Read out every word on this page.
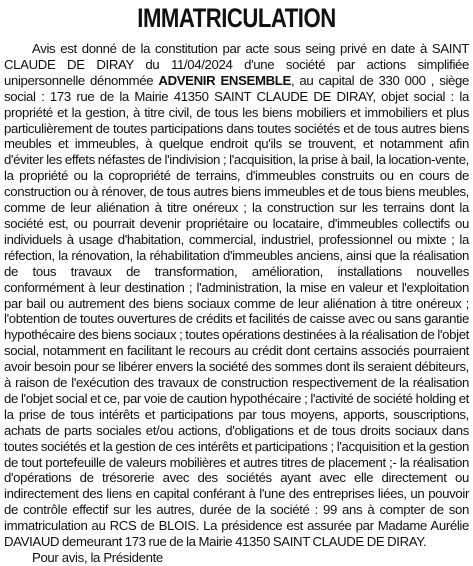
IMMATRICULATION

Avis est donné de la constitution par acte sous seing privé en date à SAINT CLAUDE DE DIRAY du 11/04/2024 d'une société par actions simplifiée unipersonnelle dénommée ADVENIR ENSEMBLE, au capital de 330 000 , siège social : 173 rue de la Mairie 41350 SAINT CLAUDE DE DIRAY, objet social : la propriété et la gestion, à titre civil, de tous les biens mobiliers et immobiliers et plus particulièrement de toutes participations dans toutes sociétés et de tous autres biens meubles et immeubles, à quelque endroit qu'ils se trouvent, et notamment afin d'éviter les effets néfastes de l'indivision ; l'acquisition, la prise à bail, la location-vente, la propriété ou la copropriété de terrains, d'immeubles construits ou en cours de construction ou à rénover, de tous autres biens immeubles et de tous biens meubles, comme de leur aliénation à titre onéreux ; la construction sur les terrains dont la société est, ou pourrait devenir propriétaire ou locataire, d'immeubles collectifs ou individuels à usage d'habitation, commercial, industriel, professionnel ou mixte ; la réfection, la rénovation, la réhabilitation d'immeubles anciens, ainsi que la réalisation de tous travaux de transformation, amélioration, installations nouvelles conformément à leur destination ; l'administration, la mise en valeur et l'exploitation par bail ou autrement des biens sociaux comme de leur aliénation à titre onéreux ; l'obtention de toutes ouvertures de crédits et facilités de caisse avec ou sans garantie hypothécaire des biens sociaux ; toutes opérations destinées à la réalisation de l'objet social, notamment en facilitant le recours au crédit dont certains associés pourraient avoir besoin pour se libérer envers la société des sommes dont ils seraient débiteurs, à raison de l'exécution des travaux de construction respectivement de la réalisation de l'objet social et ce, par voie de caution hypothécaire ; l'activité de société holding et la prise de tous intérêts et participations par tous moyens, apports, souscriptions, achats de parts sociales et/ou actions, d'obligations et de tous droits sociaux dans toutes sociétés et la gestion de ces intérêts et participations ; l'acquisition et la gestion de tout portefeuille de valeurs mobilières et autres titres de placement ;- la réalisation d'opérations de trésorerie avec des sociétés ayant avec elle directement ou indirectement des liens en capital conférant à l'une des entreprises liées, un pouvoir de contrôle effectif sur les autres, durée de la société : 99 ans à compter de son immatriculation au RCS de BLOIS. La présidence est assurée par Madame Aurélie DAVIAUD demeurant 173 rue de la Mairie 41350 SAINT CLAUDE DE DIRAY.

Pour avis, la Présidente
